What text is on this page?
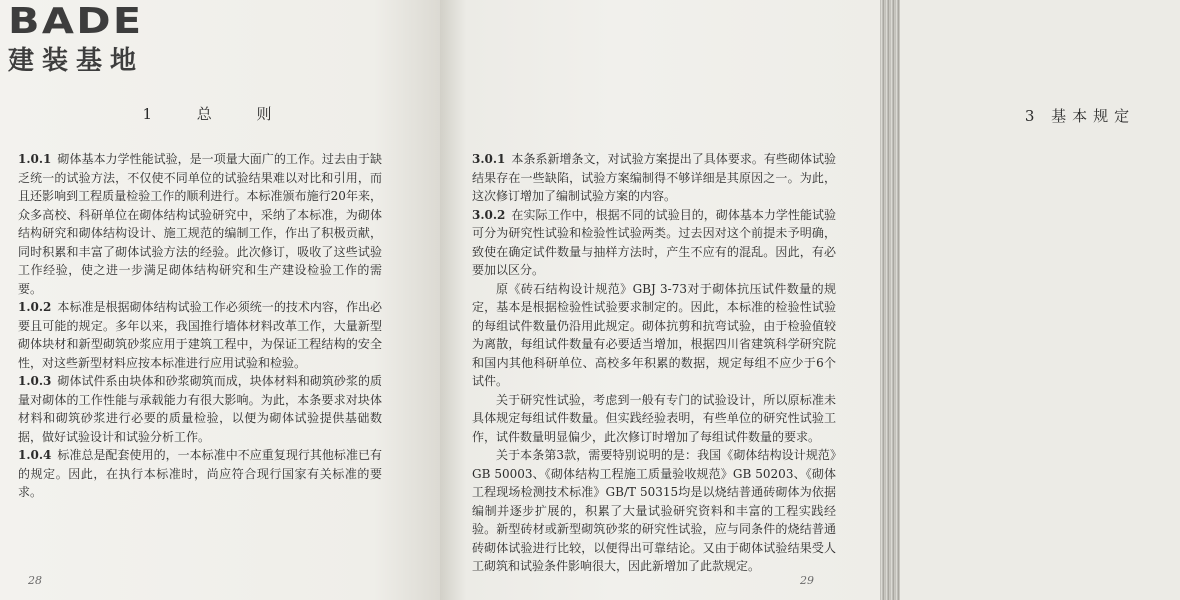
BADE
建装基地
1 总 则

1.0.1 砌体基本力学性能试验，是一项量大面广的工作。过去由于缺乏统一的试验方法，不仅使不同单位的试验结果难以对比和引用，而且还影响到工程质量检验工作的顺利进行。本标准颁布施行20年来，众多高校、科研单位在砌体结构试验研究中，采纳了本标准，为砌体结构研究和砌体结构设计、施工规范的编制工作，作出了积极贡献，同时积累和丰富了砌体试验方法的经验。此次修订，吸收了这些试验工作经验，使之进一步满足砌体结构研究和生产建设检验工作的需要。

1.0.2 本标准是根据砌体结构试验工作必须统一的技术内容，作出必要且可能的规定。多年以来，我国推行墙体材料改革工作，大量新型砌体块材和新型砌筑砂浆应用于建筑工程中，为保证工程结构的安全性，对这些新型材料应按本标准进行应用试验和检验。

1.0.3 砌体试件系由块体和砂浆砌筑而成，块体材料和砌筑砂浆的质量对砌体的工作性能与承载能力有很大影响。为此，本条要求对块体材料和砌筑砂浆进行必要的质量检验，以便为砌体试验提供基础数据，做好试验设计和试验分析工作。

1.0.4 标准总是配套使用的，一本标准中不应重复现行其他标准已有的规定。因此，在执行本标准时，尚应符合现行国家有关标准的要求。

28
3 基本规定

3.0.1 本条系新增条文，对试验方案提出了具体要求。有些砌体试验结果存在一些缺陷，试验方案编制得不够详细是其原因之一。为此，这次修订增加了编制试验方案的内容。

3.0.2 在实际工作中，根据不同的试验目的，砌体基本力学性能试验可分为研究性试验和检验性试验两类。过去因对这个前提未予明确，致使在确定试件数量与抽样方法时，产生不应有的混乱。因此，有必要加以区分。

原《砖石结构设计规范》GBJ 3-73对于砌体抗压试件数量的规定，基本是根据检验性试验要求制定的。因此，本标准的检验性试验的每组试件数量仍沿用此规定。砌体抗剪和抗弯试验，由于检验值较为离散，每组试件数量有必要适当增加，根据四川省建筑科学研究院和国内其他科研单位、高校多年积累的数据，规定每组不应少于6个试件。

关于研究性试验，考虑到一般有专门的试验设计，所以原标准未具体规定每组试件数量。但实践经验表明，有些单位的研究性试验工作，试件数量明显偏少，此次修订时增加了每组试件数量的要求。

关于本条第3款，需要特别说明的是：我国《砌体结构设计规范》GB 50003、《砌体结构工程施工质量验收规范》GB 50203、《砌体工程现场检测技术标准》GB/T 50315均是以烧结普通砖砌体为依据编制并逐步扩展的，积累了大量试验研究资料和丰富的工程实践经验。新型砖材或新型砌筑砂浆的研究性试验，应与同条件的烧结普通砖砌体试验进行比较，以便得出可靠结论。又由于砌体试验结果受人工砌筑和试验条件影响很大，因此新增加了此款规定。

29
